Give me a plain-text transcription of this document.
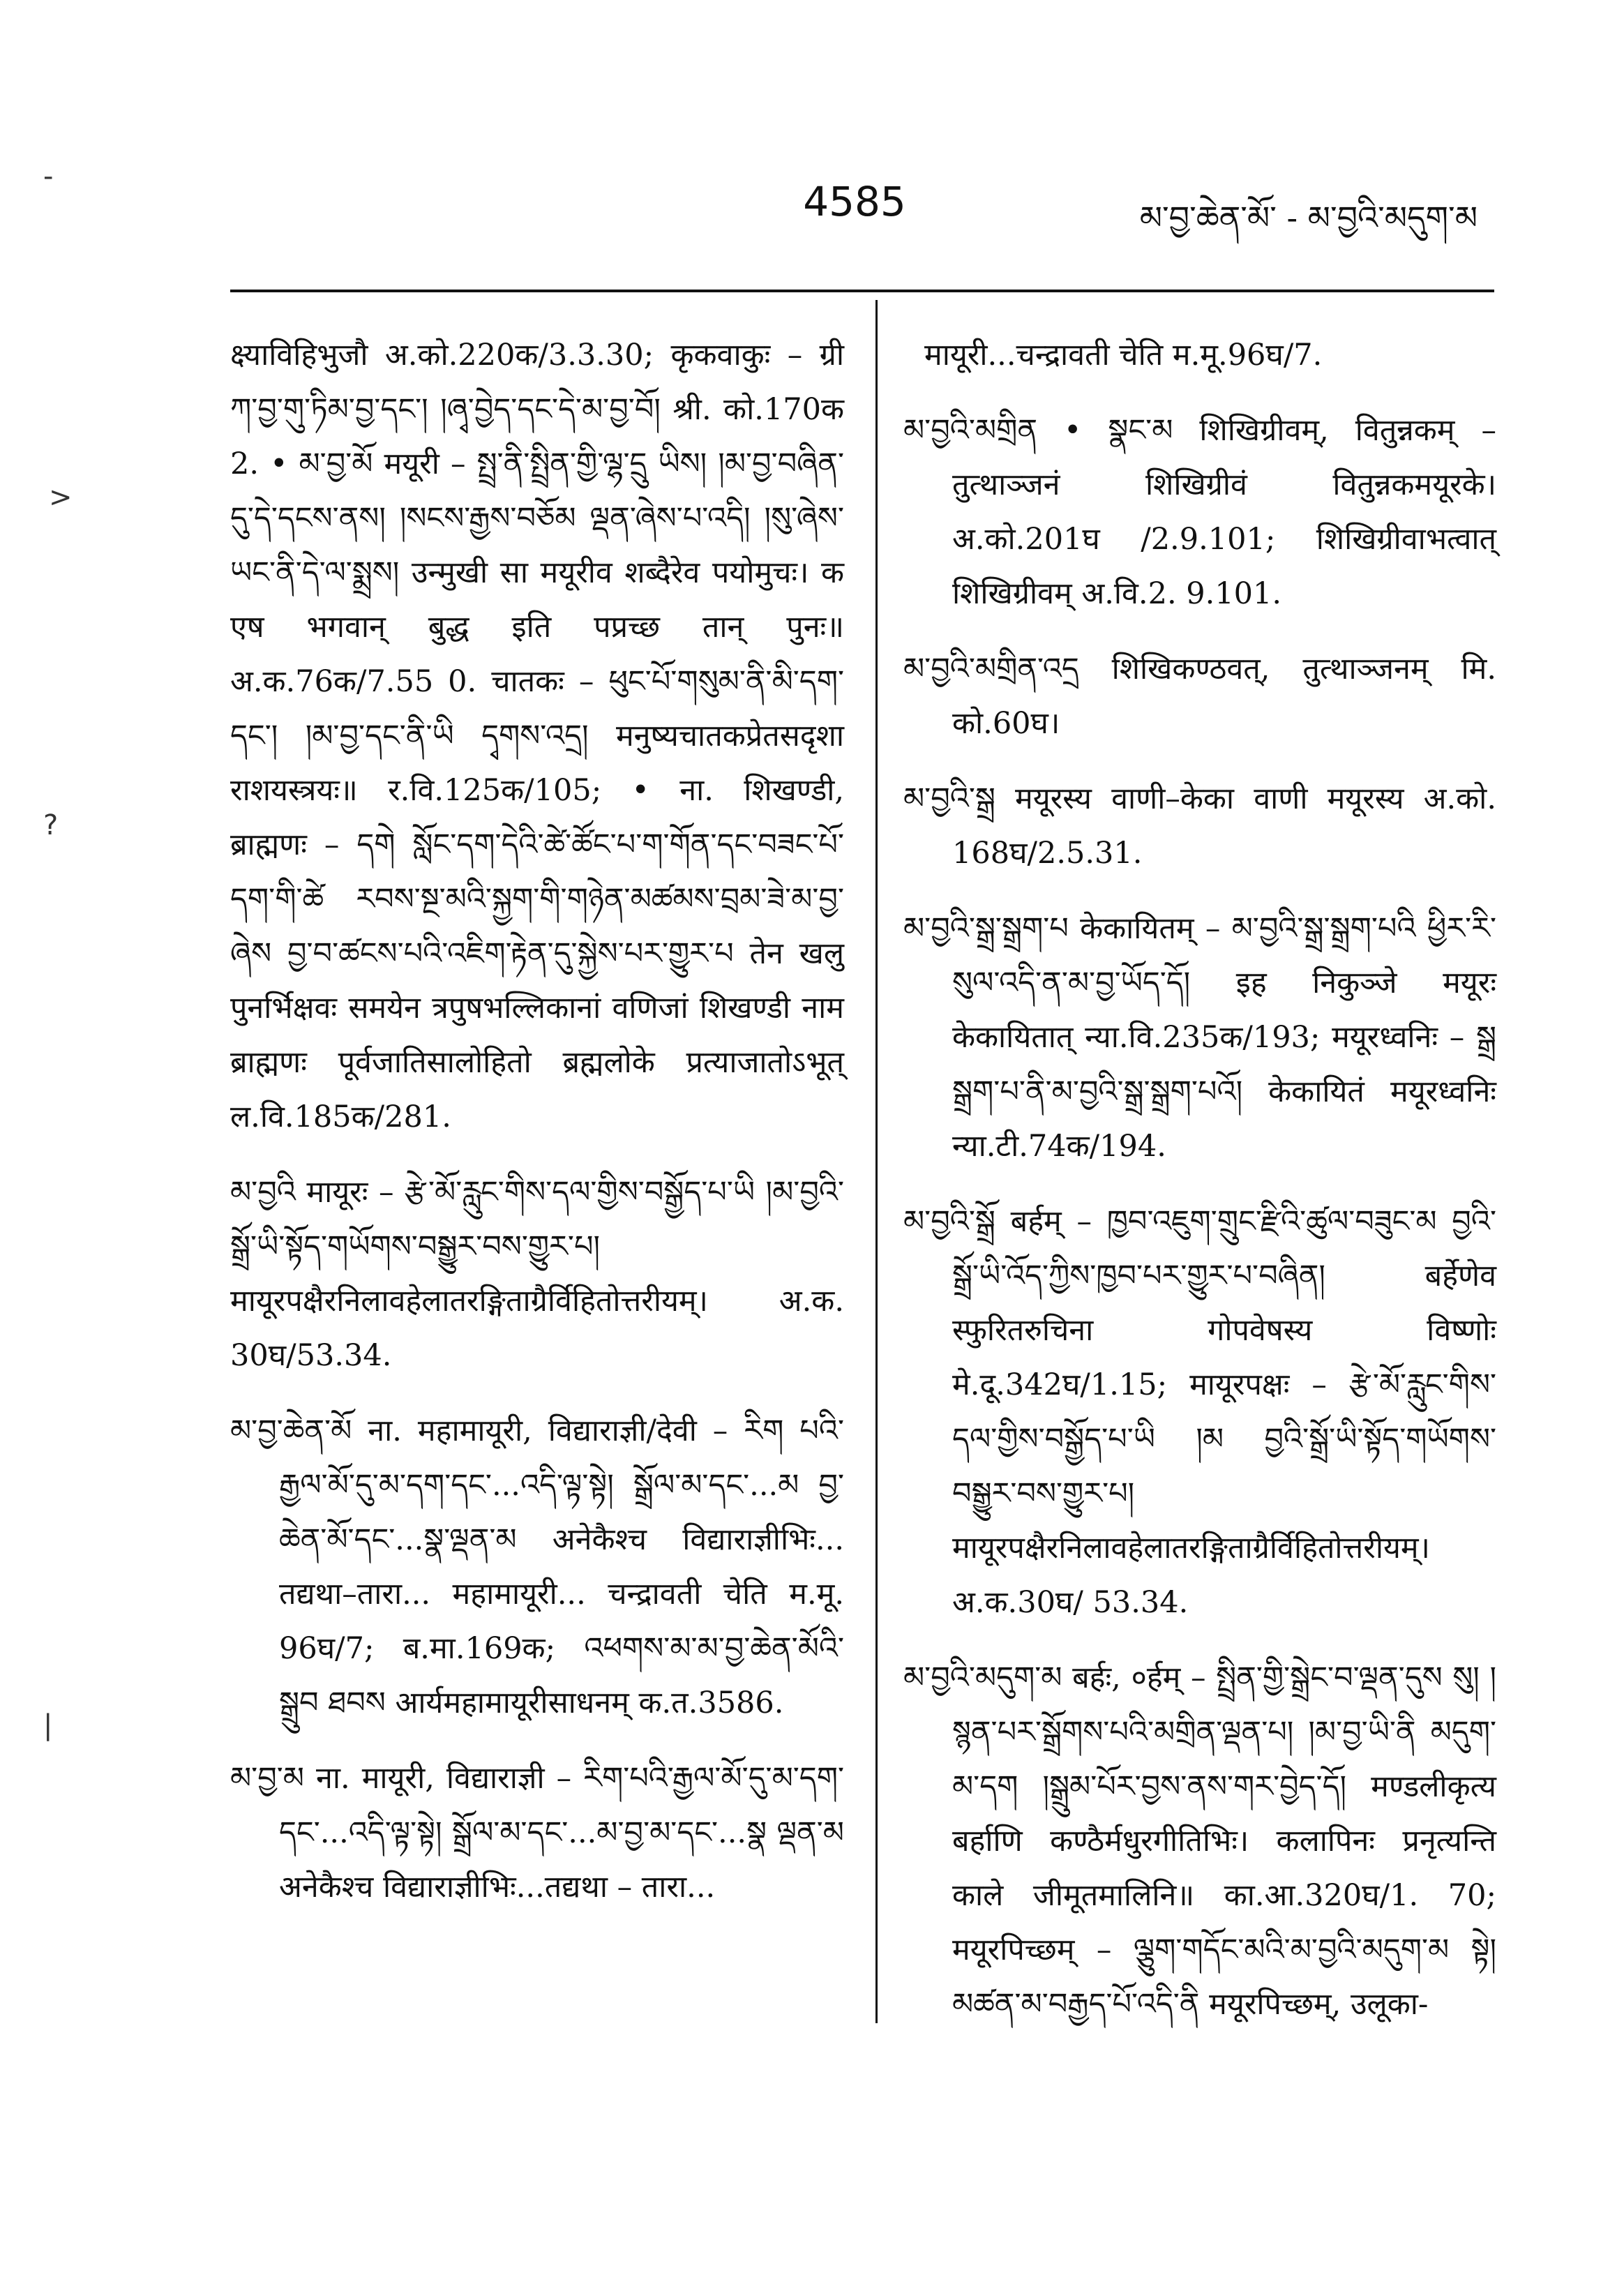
4585	མ་བྱ་ཆེན་མོ་ - མ་བྱའི་མདུག་མ
-
>
?
|

क्ष्याविहिभुजौ अ.को.220क/3.3.30; कृकवाकुः – ग्री ཀ་བྱ་གུ་ཏིམ་བྱ་དང་། །ཞྭ་བྱེད་དང་དེ་མ་བྱ་བོ། श्री. को.170क 2. • མ་བྱ་མོ मयूरी – སྤྲ་ནི་སྤྲིན་གྱི་ལྷ་དྲུ ཡིས། །མ་བྱ་བཞིན་དུ་དེ་དངས་ནས། །སངས་རྒྱས་བཅོམ ལྡན་ཞེས་པ་འདི། །སུ་ཞེས་ཡང་ནི་དེ་ལ་སྨྲས། उन्मुखी सा मयूरीव शब्दैरेव पयोमुचः। क एष भगवान् बुद्ध इति पप्रच्छ तान् पुनः॥ अ.क.76क/7.55 0. चातकः – ཕུང་པོ་གསུམ་ནི་མི་དག་དང་། །མ་བྱ་དང་ནི་ཡི དྭགས་འདྲ། मनुष्यचातकप्रेतसदृशा राशयस्त्रयः॥ र.वि.125क/105; • ना. शिखण्डी, ब्राह्मणः – དགེ སློང་དག་དེའི་ཚེ་ཚོང་པ་ག་གོན་དང་བཟང་པོ་དག་གི་ཚེ རབས་སྔ་མའི་སྐྱག་གི་གཉེན་མཚམས་བྲམ་ཟེ་མ་བྱ་ཞེས བྱ་བ་ཚངས་པའི་འཇིག་རྟེན་དུ་སྐྱེས་པར་གྱུར་པ तेन खलु पुनर्भिक्षवः समयेन त्रपुषभल्लिकानां वणिजां शिखण्डी नाम ब्राह्मणः पूर्वजातिसालोहितो ब्रह्मलोके प्रत्याजातोऽभूत् ल.वि.185क/281.

མ་བྱའི मायूरः – རྩེ་མོ་རླུང་གིས་དལ་གྱིས་བསྒྱོད་པ་ཡི །མ་བྱའི་སྒྲོ་ཡི་སྟོད་གཡོགས་བསྒྱུར་བས་གྱུར་པ། मायूरपक्षैरनिलावहेलातरङ्गिताग्रैर्विहितोत्तरीयम्। अ.क. 30घ/53.34.

མ་བྱ་ཆེན་མོ ना. महामायूरी, विद्याराज्ञी/देवी – རིག པའི་རྒྱལ་མོ་དུ་མ་དག་དང་...འདི་ལྟ་སྟེ། སྒྲོལ་མ་དང་...མ བྱ་ཆེན་མོ་དང་...སྣ་ལྡན་མ अनेकैश्च विद्याराज्ञीभिः... तद्यथा–तारा... महामायूरी... चन्द्रावती चेति म.मू. 96घ/7; ब.मा.169क; འཕགས་མ་མ་བྱ་ཆེན་མོའི་སྒྲུབ ཐབས आर्यमहामायूरीसाधनम् क.त.3586.

མ་བྱ་མ ना. मायूरी, विद्याराज्ञी – རིག་པའི་རྒྱལ་མོ་དུ་མ་དག་དང་...འདི་ལྟ་སྟེ། སྒྲོལ་མ་དང་...མ་བྱ་མ་དང་...སྣ ལྡན་མ अनेकैश्च विद्याराज्ञीभिः...तद्यथा – तारा...

मायूरी...चन्द्रावती चेति म.मू.96घ/7.

མ་བྱའི་མགྲིན • སྣང་མ शिखिग्रीवम्, वितुन्नकम् – तुत्थाञ्जनं शिखिग्रीवं वितुन्नकमयूरके। अ.को.201घ /2.9.101; शिखिग्रीवाभत्वात् शिखिग्रीवम् अ.वि.2. 9.101.

མ་བྱའི་མགྲིན་འདྲ शिखिकण्ठवत्, तुत्थाञ्जनम् मि. को.60घ।

མ་བྱའི་སྒྲ मयूरस्य वाणी–केका वाणी मयूरस्य अ.को. 168घ/2.5.31.

མ་བྱའི་སྒྲ་སྒྲག་པ केकायितम् – མ་བྱའི་སྒྲ་སྒྲག་པའི ཕྱིར་རི་སུལ་འདི་ན་མ་བྱ་ཡོད་དོ། इह निकुञ्जे मयूरः केकायितात् न्या.वि.235क/193; मयूरध्वनिः – སྒྲ སྒྲག་པ་ནི་མ་བྱའི་སྒྲ་སྒྲག་པའོ། केकायितं मयूरध्वनिः न्या.टी.74क/194.

མ་བྱའི་སྒྲོ बर्हम् – ཁྱབ་འཇུག་གྲུང་རྫིའི་ཚུལ་བཟུང་མ བྱའི་སྒྲོ་ཡི་འོད་ཀྱིས་ཁྱབ་པར་གྱུར་པ་བཞིན། बर्हेणेव स्फुरितरुचिना गोपवेषस्य विष्णोः मे.दू.342घ/1.15; मायूरपक्षः – རྩེ་མོ་རླུང་གིས་དལ་གྱིས་བསྒྱོད་པ་ཡི །མ བྱའི་སྒྲོ་ཡི་སྟོད་གཡོགས་བསྒྱུར་བས་གྱུར་པ། मायूरपक्षैरनिलावहेलातरङ्गिताग्रैर्विहितोत्तरीयम्। अ.क.30घ/ 53.34.

མ་བྱའི་མདུག་མ बर्हः, ०र्हम् – སྤྲིན་གྱི་སྒྲེང་བ་ལྡན་དུས སུ། །སྙན་པར་སྒྲོགས་པའི་མགྲིན་ལྡན་པ། །མ་བྱ་ཡི་ནི མདུག་མ་དག །སྒྲུམ་པོར་བྱས་ནས་གར་བྱེད་དོ། मण्डलीकृत्य बर्हाणि कण्ठैर्मधुरगीतिभिः। कलापिनः प्रनृत्यन्ति काले जीमूतमालिनि॥ का.आ.320घ/1. 70; मयूरपिच्छम् – ལྕུག་གདོང་མའི་མ་བྱའི་མདུག་མ སྟེ། མཚན་མ་བརྒྱད་པོ་འདི་ནི मयूरपिच्छम्, उलूका-
